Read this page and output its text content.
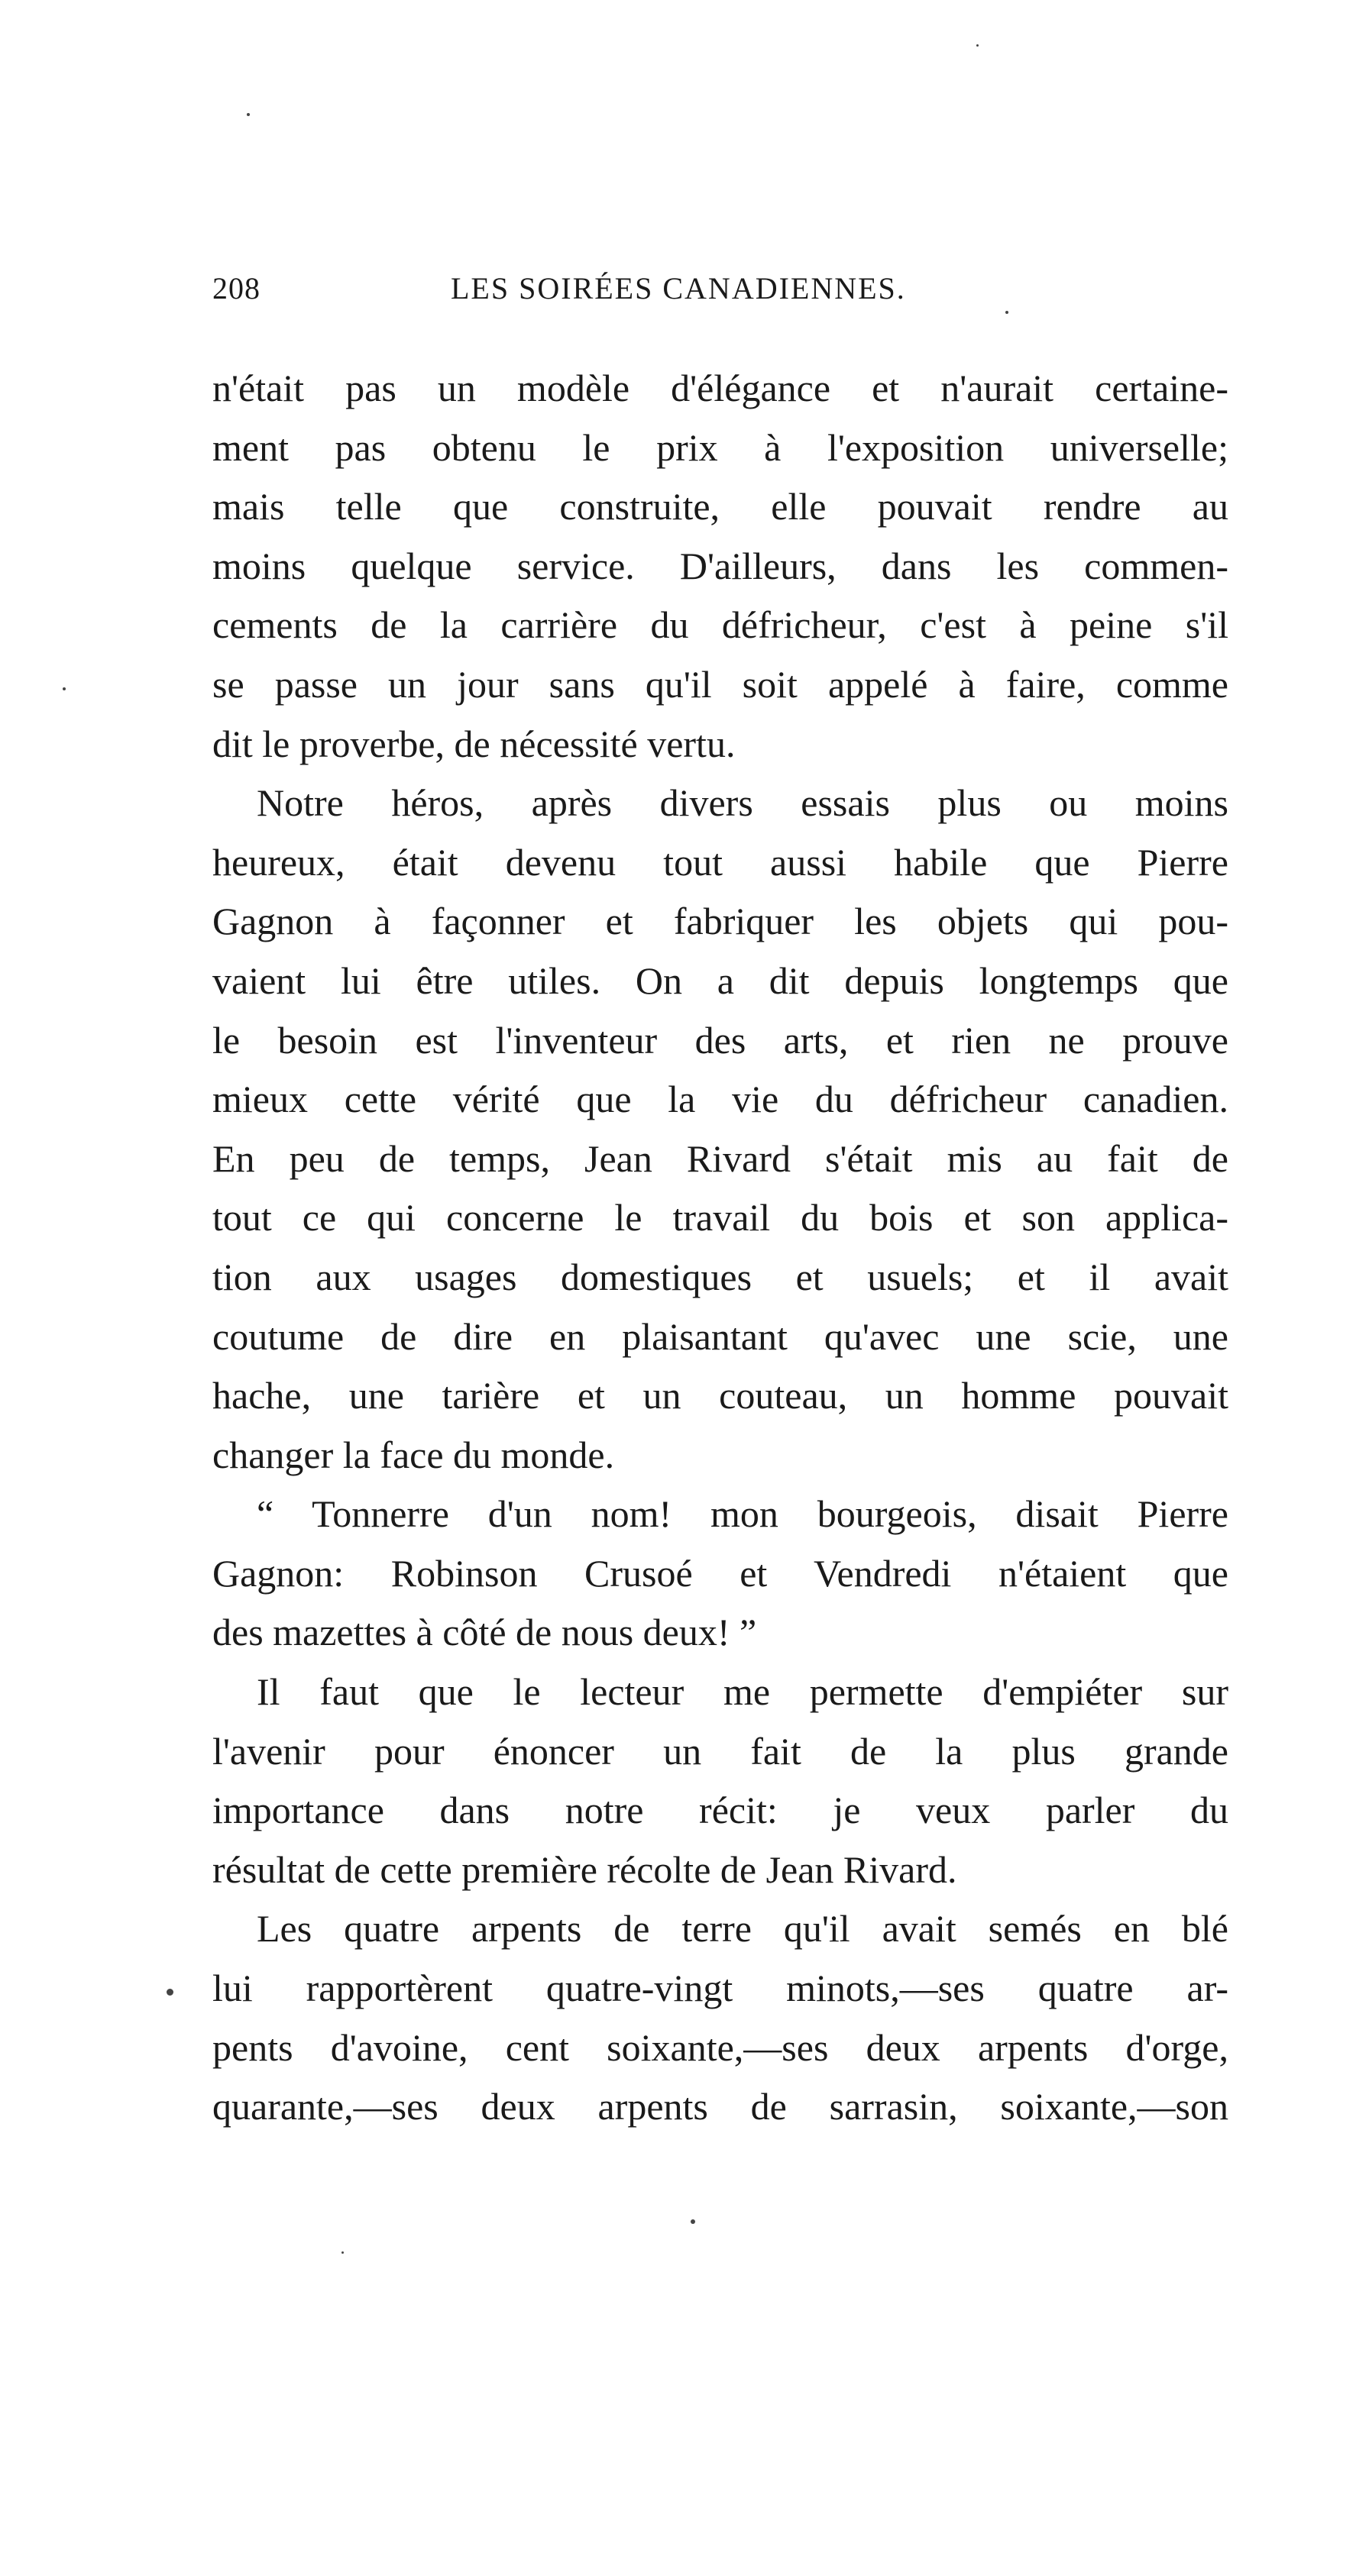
208	LES SOIRÉES CANADIENNES.
n'était pas un modèle d'élégance et n'aurait certaine-
ment pas obtenu le prix à l'exposition universelle;
mais telle que construite, elle pouvait rendre au
moins quelque service. D'ailleurs, dans les commen-
cements de la carrière du défricheur, c'est à peine s'il
se passe un jour sans qu'il soit appelé à faire, comme
dit le proverbe, de nécessité vertu.
Notre héros, après divers essais plus ou moins
heureux, était devenu tout aussi habile que Pierre
Gagnon à façonner et fabriquer les objets qui pou-
vaient lui être utiles. On a dit depuis longtemps que
le besoin est l'inventeur des arts, et rien ne prouve
mieux cette vérité que la vie du défricheur canadien.
En peu de temps, Jean Rivard s'était mis au fait de
tout ce qui concerne le travail du bois et son applica-
tion aux usages domestiques et usuels; et il avait
coutume de dire en plaisantant qu'avec une scie, une
hache, une tarière et un couteau, un homme pouvait
changer la face du monde.
“ Tonnerre d'un nom! mon bourgeois, disait Pierre
Gagnon: Robinson Crusoé et Vendredi n'étaient que
des mazettes à côté de nous deux! ”
Il faut que le lecteur me permette d'empiéter sur
l'avenir pour énoncer un fait de la plus grande
importance dans notre récit: je veux parler du
résultat de cette première récolte de Jean Rivard.
Les quatre arpents de terre qu'il avait semés en blé
lui rapportèrent quatre-vingt minots,—ses quatre ar-
pents d'avoine, cent soixante,—ses deux arpents d'orge,
quarante,—ses deux arpents de sarrasin, soixante,—son
